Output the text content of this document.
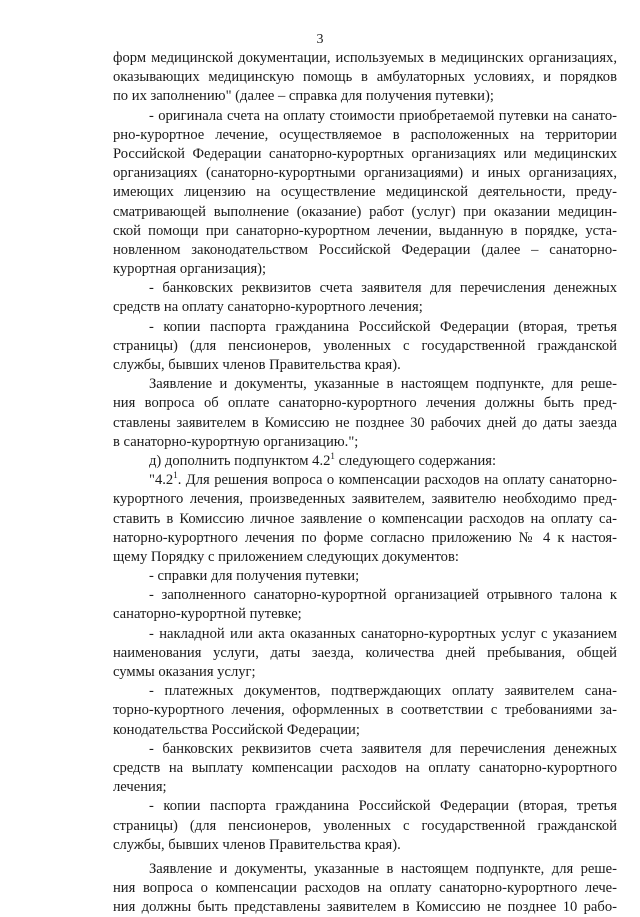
3
форм медицинской документации, используемых в медицинских организациях,
оказывающих медицинскую помощь в амбулаторных условиях, и порядков
по их заполнению" (далее – справка для получения путевки);
- оригинала счета на оплату стоимости приобретаемой путевки на санато-
рно-курортное лечение, осуществляемое в расположенных на территории
Российской Федерации санаторно-курортных организациях или медицинских
организациях (санаторно-курортными организациями) и иных организациях,
имеющих лицензию на осуществление медицинской деятельности, преду-
сматривающей выполнение (оказание) работ (услуг) при оказании медицин-
ской помощи при санаторно-курортном лечении, выданную в порядке, уста-
новленном законодательством Российской Федерации (далее – санаторно-
курортная организация);
- банковских реквизитов счета заявителя для перечисления денежных
средств на оплату санаторно-курортного лечения;
- копии паспорта гражданина Российской Федерации (вторая, третья
страницы) (для пенсионеров, уволенных с государственной гражданской
службы, бывших членов Правительства края).
Заявление и документы, указанные в настоящем подпункте, для реше-
ния вопроса об оплате санаторно-курортного лечения должны быть пред-
ставлены заявителем в Комиссию не позднее 30 рабочих дней до даты заезда
в санаторно-курортную организацию.";
д) дополнить подпунктом $4.2^1$ следующего содержания:
"$4.2^1$. Для решения вопроса о компенсации расходов на оплату санаторно-
курортного лечения, произведенных заявителем, заявителю необходимо пред-
ставить в Комиссию личное заявление о компенсации расходов на оплату са-
наторно-курортного лечения по форме согласно приложению № 4 к настоя-
щему Порядку с приложением следующих документов:
- справки для получения путевки;
- заполненного санаторно-курортной организацией отрывного талона к
санаторно-курортной путевке;
- накладной или акта оказанных санаторно-курортных услуг с указанием
наименования услуги, даты заезда, количества дней пребывания, общей
суммы оказания услуг;
- платежных документов, подтверждающих оплату заявителем сана-
торно-курортного лечения, оформленных в соответствии с требованиями за-
конодательства Российской Федерации;
- банковских реквизитов счета заявителя для перечисления денежных
средств на выплату компенсации расходов на оплату санаторно-курортного
лечения;
- копии паспорта гражданина Российской Федерации (вторая, третья
страницы) (для пенсионеров, уволенных с государственной гражданской
службы, бывших членов Правительства края).
Заявление и документы, указанные в настоящем подпункте, для реше-
ния вопроса о компенсации расходов на оплату санаторно-курортного лече-
ния должны быть представлены заявителем в Комиссию не позднее 10 рабо-
